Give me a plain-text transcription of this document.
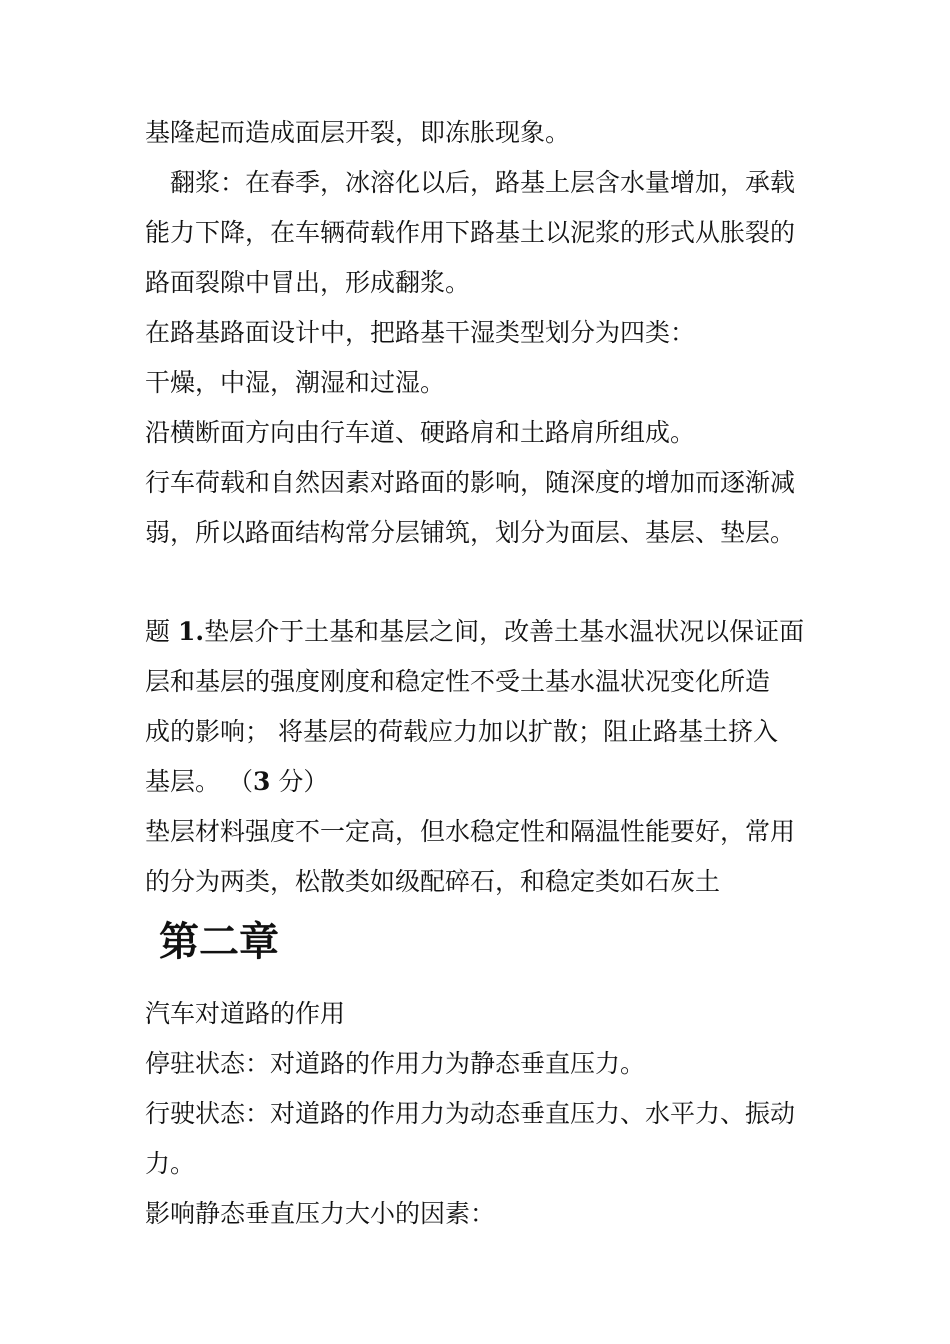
基隆起而造成面层开裂，即冻胀现象。
翻浆：在春季，冰溶化以后，路基上层含水量增加，承载
能力下降，在车辆荷载作用下路基土以泥浆的形式从胀裂的
路面裂隙中冒出，形成翻浆。
在路基路面设计中，把路基干湿类型划分为四类：
干燥，中湿，潮湿和过湿。
沿横断面方向由行车道、硬路肩和土路肩所组成。
行车荷载和自然因素对路面的影响，随深度的增加而逐渐减
弱，所以路面结构常分层铺筑，划分为面层、基层、垫层。
题 1.垫层介于土基和基层之间，改善土基水温状况以保证面
层和基层的强度刚度和稳定性不受土基水温状况变化所造
成的影响； 将基层的荷载应力加以扩散；阻止路基土挤入
基层。 （3 分）
垫层材料强度不一定高，但水稳定性和隔温性能要好，常用
的分为两类，松散类如级配碎石，和稳定类如石灰土
第二章
汽车对道路的作用
停驻状态：对道路的作用力为静态垂直压力。
行驶状态：对道路的作用力为动态垂直压力、水平力、振动
力。
影响静态垂直压力大小的因素：
